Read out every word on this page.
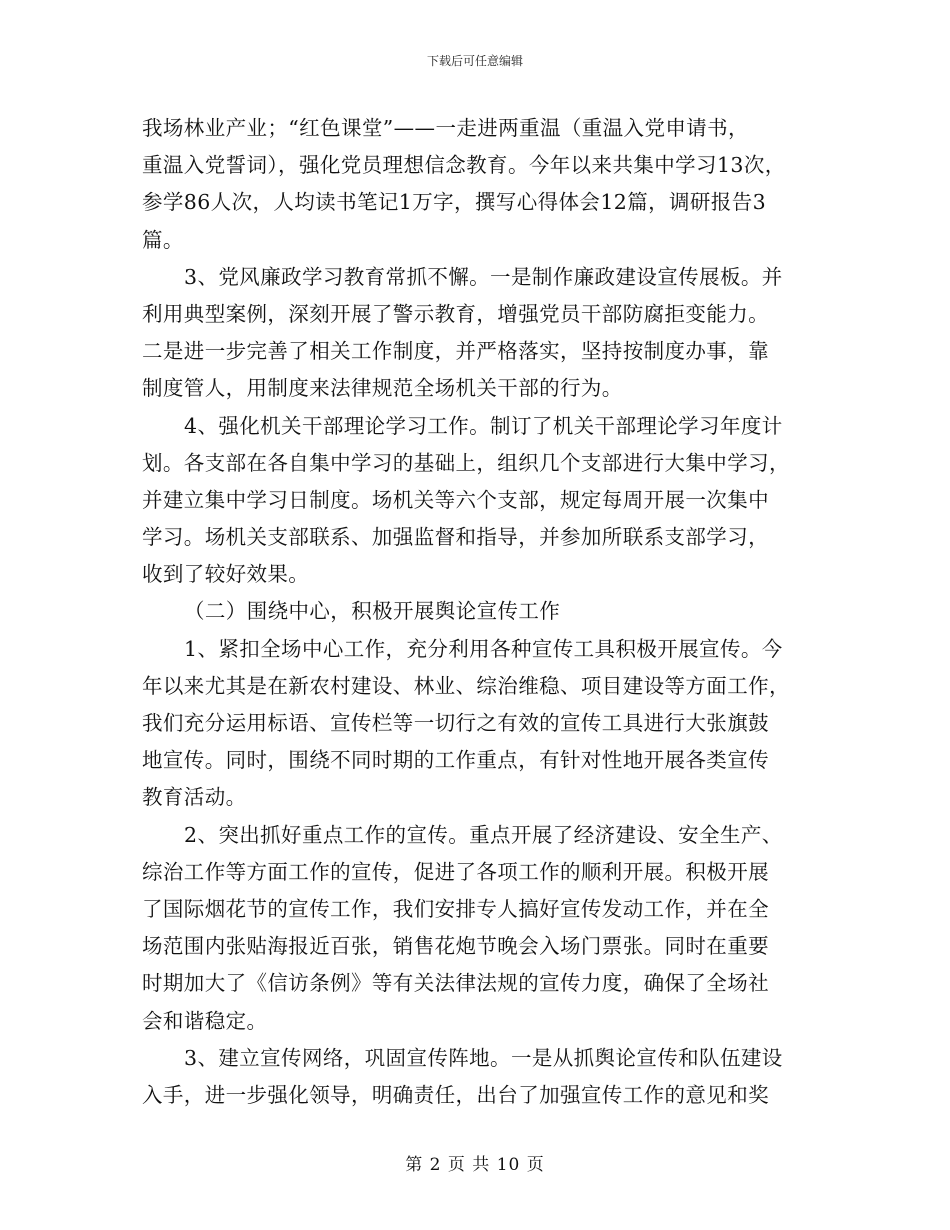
下载后可任意编辑
我场林业产业；“红色课堂”——一走进两重温（重温入党申请书，
重温入党誓词），强化党员理想信念教育。今年以来共集中学习13次，
参学86人次，人均读书笔记1万字，撰写心得体会12篇，调研报告3
篇。
3、党风廉政学习教育常抓不懈。一是制作廉政建设宣传展板。并
利用典型案例，深刻开展了警示教育，增强党员干部防腐拒变能力。
二是进一步完善了相关工作制度，并严格落实，坚持按制度办事，靠
制度管人，用制度来法律规范全场机关干部的行为。
4、强化机关干部理论学习工作。制订了机关干部理论学习年度计
划。各支部在各自集中学习的基础上，组织几个支部进行大集中学习，
并建立集中学习日制度。场机关等六个支部，规定每周开展一次集中
学习。场机关支部联系、加强监督和指导，并参加所联系支部学习，
收到了较好效果。
（二）围绕中心，积极开展舆论宣传工作
1、紧扣全场中心工作，充分利用各种宣传工具积极开展宣传。今
年以来尤其是在新农村建设、林业、综治维稳、项目建设等方面工作，
我们充分运用标语、宣传栏等一切行之有效的宣传工具进行大张旗鼓
地宣传。同时，围绕不同时期的工作重点，有针对性地开展各类宣传
教育活动。
2、突出抓好重点工作的宣传。重点开展了经济建设、安全生产、
综治工作等方面工作的宣传，促进了各项工作的顺利开展。积极开展
了国际烟花节的宣传工作，我们安排专人搞好宣传发动工作，并在全
场范围内张贴海报近百张，销售花炮节晚会入场门票张。同时在重要
时期加大了《信访条例》等有关法律法规的宣传力度，确保了全场社
会和谐稳定。
3、建立宣传网络，巩固宣传阵地。一是从抓舆论宣传和队伍建设
入手，进一步强化领导，明确责任，出台了加强宣传工作的意见和奖
第 2 页 共 10 页
